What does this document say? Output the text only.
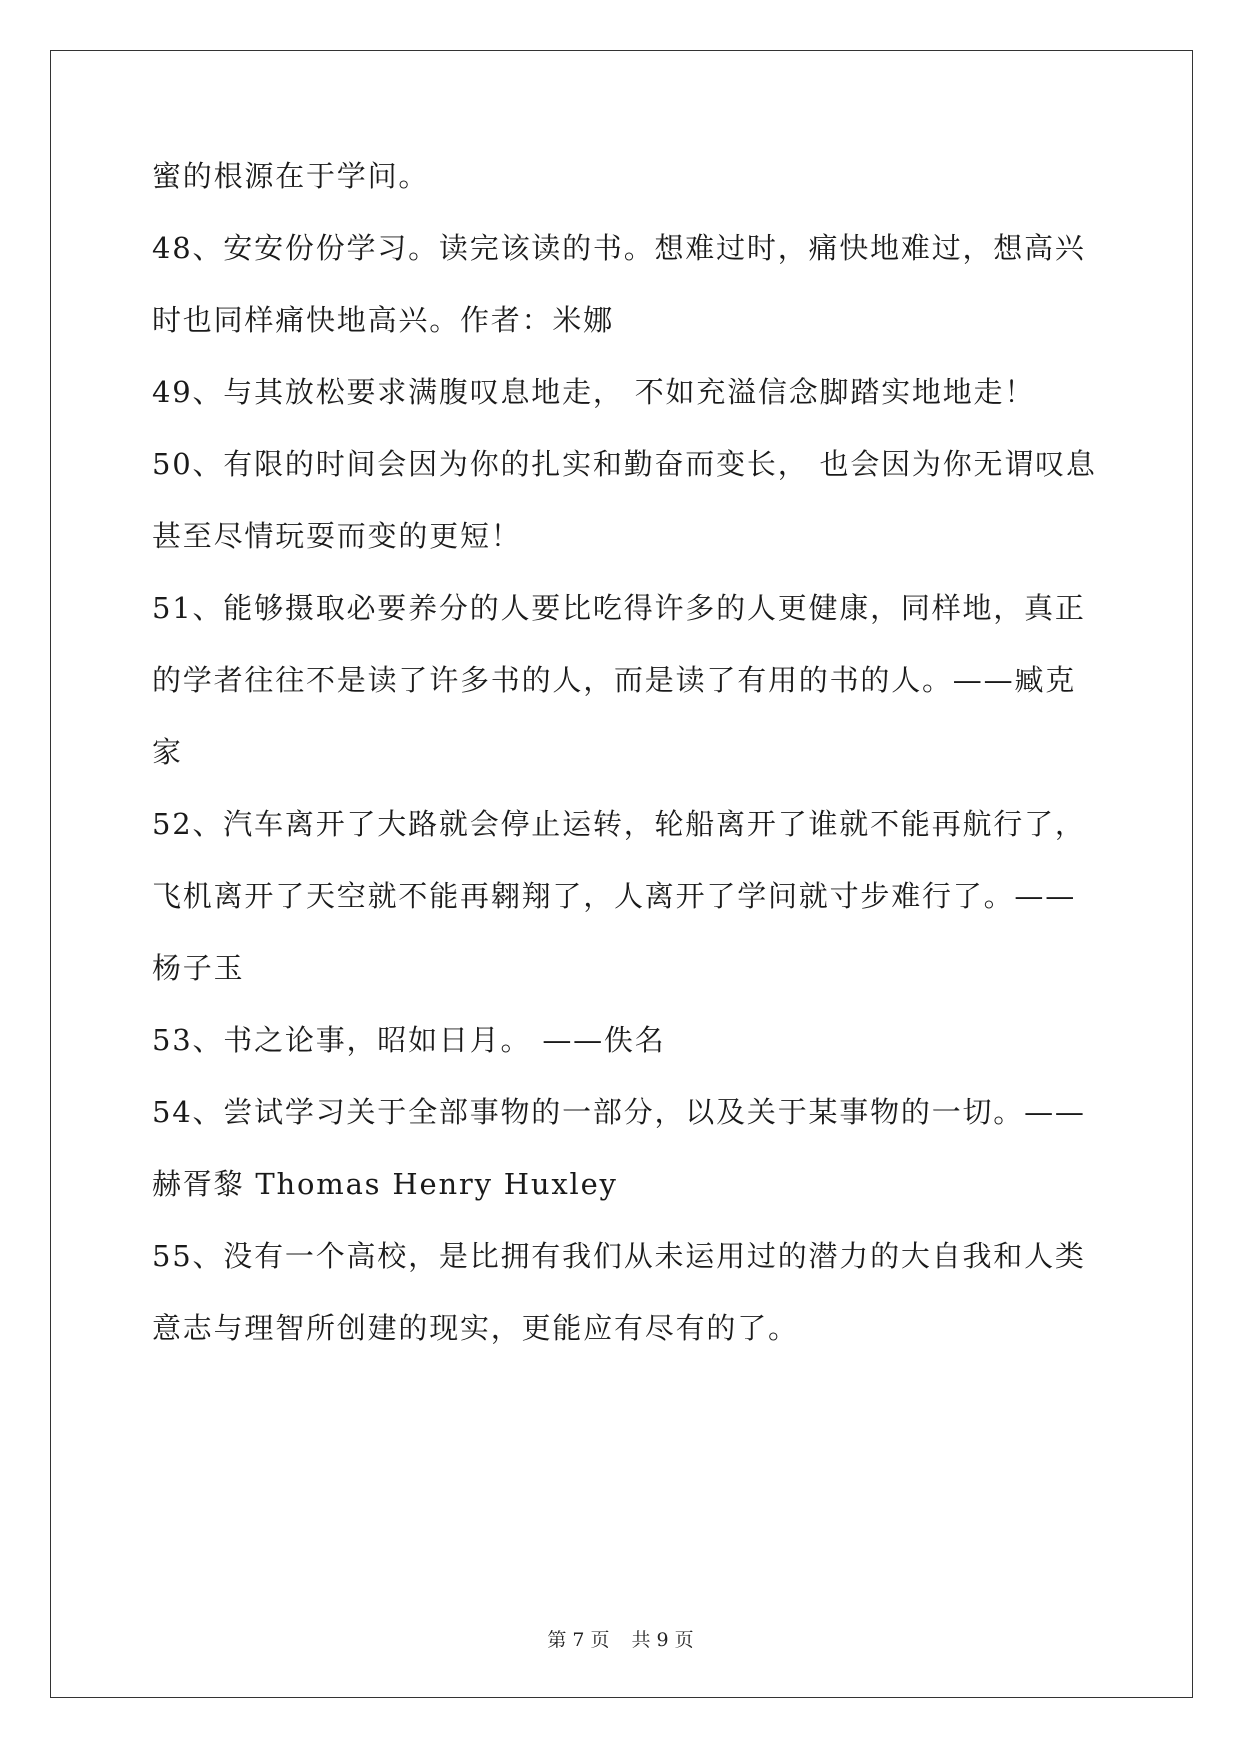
蜜的根源在于学问。
48、安安份份学习。读完该读的书。想难过时，痛快地难过，想高兴
时也同样痛快地高兴。作者：米娜
49、与其放松要求满腹叹息地走， 不如充溢信念脚踏实地地走！
50、有限的时间会因为你的扎实和勤奋而变长， 也会因为你无谓叹息
甚至尽情玩耍而变的更短！
51、能够摄取必要养分的人要比吃得许多的人更健康，同样地，真正
的学者往往不是读了许多书的人，而是读了有用的书的人。——臧克
家
52、汽车离开了大路就会停止运转，轮船离开了谁就不能再航行了，
飞机离开了天空就不能再翱翔了，人离开了学问就寸步难行了。——
杨子玉
53、书之论事，昭如日月。 ——佚名
54、尝试学习关于全部事物的一部分，以及关于某事物的一切。——
赫胥黎 Thomas Henry Huxley
55、没有一个高校，是比拥有我们从未运用过的潜力的大自我和人类
意志与理智所创建的现实，更能应有尽有的了。
第 7 页 共 9 页
